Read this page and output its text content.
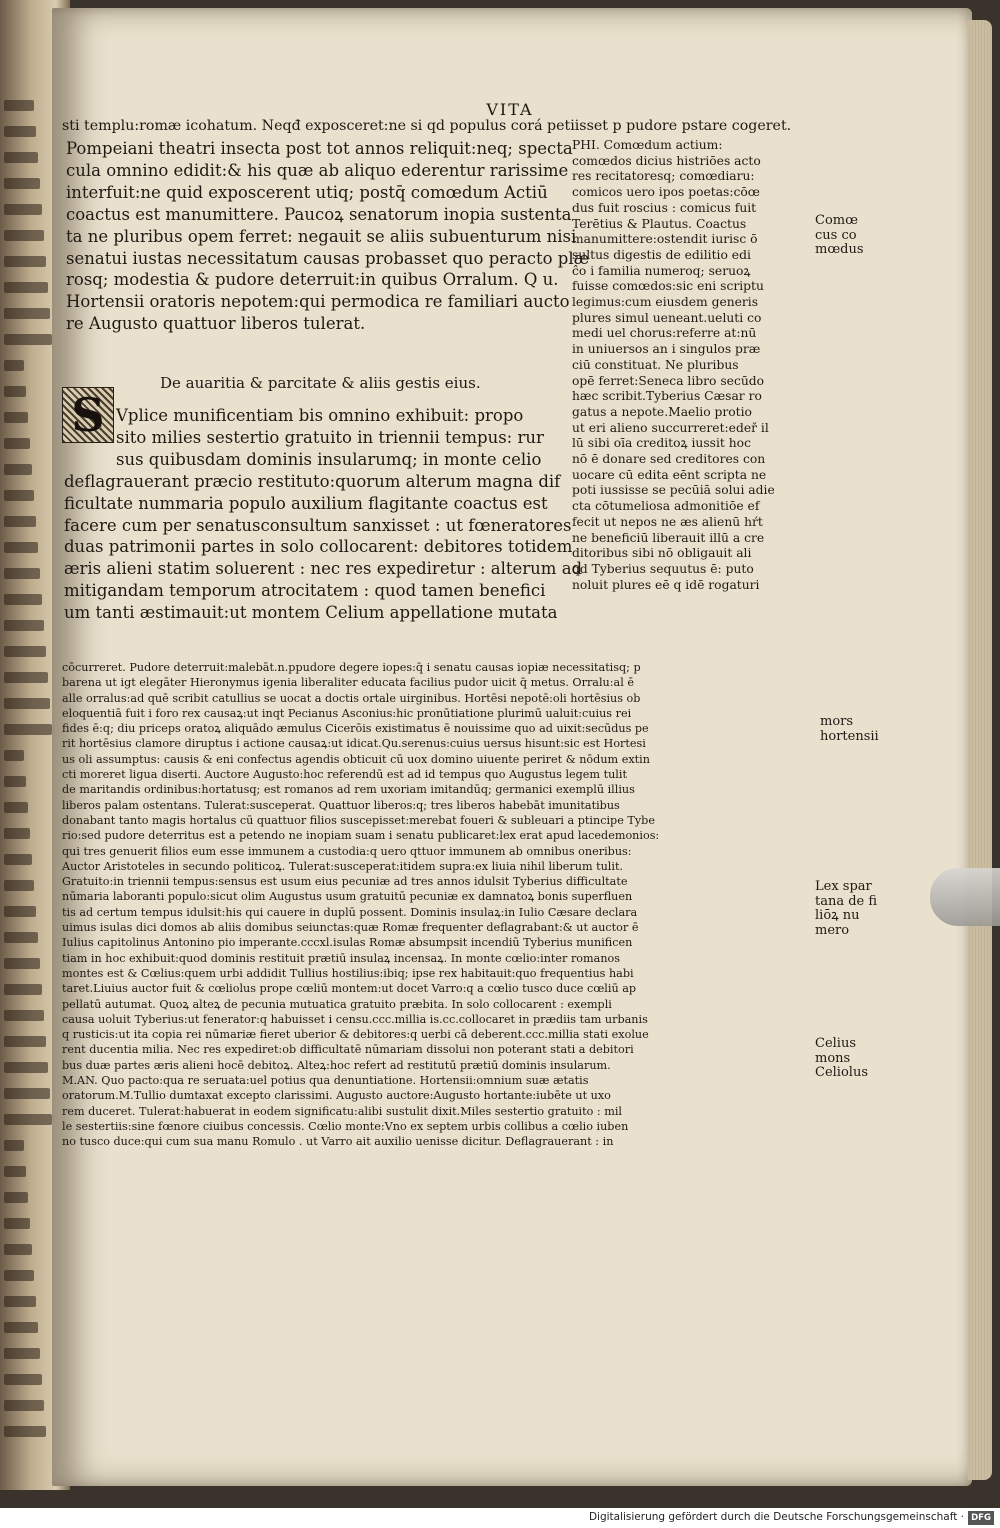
VITA
sti templu:romæ icohatum. Neqđ exposceret:ne si qd populus corá petiisset p pudore pstare cogeret.
Pompeiani theatri insecta post tot annos reliquit:neq; specta
cula omnino edidit:& his quæ ab aliquo ederentur rarissime
interfuit:ne quid exposcerent utiq; postq̄ comœdum Actiū
coactus est manumittere. Paucoꝝ senatorum inopia sustenta
ta ne pluribus opem ferret: negauit se aliis subuenturum nisi
senatui iustas necessitatum causas probasset quo peracto plæ
rosq; modestia & pudore deterruit:in quibus Orralum. Q u.
Hortensii oratoris nepotem:qui permodica re familiari aucto
re Augusto quattuor liberos tulerat.
De auaritia & parcitate & aliis gestis eius.
S Vplice munificentiam bis omnino exhibuit: propo
sito milies sestertio gratuito in triennii tempus: rur
sus quibusdam dominis insularumq; in monte celio
deflagrauerant præcio restituto:quorum alterum magna dif
ficultate nummaria populo auxilium flagitante coactus est
facere cum per senatusconsultum sanxisset : ut fœneratores
duas patrimonii partes in solo collocarent: debitores totidem
æris alieni statim soluerent : nec res expediretur : alterum ad
mitigandam temporum atrocitatem : quod tamen benefici
um tanti æstimauit:ut montem Celium appellatione mutata
PHI. Comœdum actium:
comœdos dicius histriōes acto
res recitatoresq; comœdiaru:
comicos uero ipos poetas:cōœ
dus fuit roscius : comicus fuit
Terētius & Plautus. Coactus
manumittere:ostendit iurisc ō
sultus digestis de edilitio edi
ĉo i familia numeroq; seruoꝝ
fuisse comœdos:sic eni scriptu
legimus:cum eiusdem generis
plures simul ueneant.ueluti co
medi uel chorus:referre at:nū
in uniuersos an i singulos præ
ciū constituat. Ne pluribus
opē ferret:Seneca libro secūdo
hæc scribit.Tyberius Cæsar ro
gatus a nepote.Maelio protio
ut eri alieno succurreret:edeř il
lū sibi oīa creditoꝝ iussit hoc
nō ē donare sed creditores con
uocare cū edita eēnt scripta ne
poti iussisse se pecūiā solui adie
cta cōtumeliosa admonitiōe ef
fecit ut nepos ne æs alienū hŕt
ne beneficiū liberauit illū a cre
ditoribus sibi nō obligauit ali
qd Tyberius sequutus ē: puto
noluit plures eē q idē rogaturi
cōcurreret. Pudore deterruit:malebāt.n.ppudore degere iopes:q̄ i senatu causas iopiæ necessitatisq; p
barena ut igt elegāter Hieronymus igenia liberaliter educata facilius pudor uicit q̄ metus. Orralu:al ē
alle orralus:ad quē scribit catullius se uocat a doctis ortale uirginibus. Hortēsi nepotē:oli hortēsius ob
eloquentiā fuit i foro rex causaꝝ:ut inqt Pecianus Asconius:hic pronūtiatione plurimū ualuit:cuius rei
fides ē:q; diu priceps oratoꝝ aliquādo æmulus Cicerōis existimatus ē nouissime quo ad uixit:secūdus pe
rit hortēsius clamore diruptus i actione causaꝝ:ut idicat.Qu.serenus:cuius uersus hisunt:sic est Hortesi
us oli assumptus: causis & eni confectus agendis obticuit cū uox domino uiuente periret & nōdum extin
cti moreret ligua diserti. Auctore Augusto:hoc referendū est ad id tempus quo Augustus legem tulit
de maritandis ordinibus:hortatusq; est romanos ad rem uxoriam imitandūq; germanici exemplū illius
liberos palam ostentans. Tulerat:susceperat. Quattuor liberos:q; tres liberos habebāt imunitatibus
donabant tanto magis hortalus cū quattuor filios suscepisset:merebat foueri & subleuari a ptincipe Tybe
rio:sed pudore deterritus est a petendo ne inopiam suam i senatu publicaret:lex erat apud lacedemonios:
qui tres genuerit filios eum esse immunem a custodia:q uero qttuor immunem ab omnibus oneribus:
Auctor Aristoteles in secundo politicoꝝ. Tulerat:susceperat:itidem supra:ex liuia nihil liberum tulit.
Gratuito:in triennii tempus:sensus est usum eius pecuniæ ad tres annos idulsit Tyberius difficultate
nūmaria laboranti populo:sicut olim Augustus usum gratuitū pecuniæ ex damnatoꝝ bonis superfluen
tis ad certum tempus idulsit:his qui cauere in duplū possent. Dominis insulaꝝ:in Iulio Cæsare declara
uimus isulas dici domos ab aliis domibus seiunctas:quæ Romæ frequenter deflagrabant:& ut auctor ē
Iulius capitolinus Antonino pio imperante.cccxl.isulas Romæ absumpsit incendiū Tyberius munificen
tiam in hoc exhibuit:quod dominis restituit prætiū insulaꝝ incensaꝝ. In monte cœlio:inter romanos
montes est & Cœlius:quem urbi addidit Tullius hostilius:ibiq; ipse rex habitauit:quo frequentius habi
taret.Liuius auctor fuit & cœliolus prope cœliū montem:ut docet Varro:q a cœlio tusco duce cœliū ap
pellatū autumat. Quoꝝ alteꝝ de pecunia mutuatica gratuito præbita. In solo collocarent : exempli
causa uoluit Tyberius:ut fenerator:q habuisset i censu.ccc.millia is.cc.collocaret in prædiis tam urbanis
q rusticis:ut ita copia rei nūmariæ fieret uberior & debitores:q uerbi cā deberent.ccc.millia stati exolue
rent ducentia milia. Nec res expediret:ob difficultatē nūmariam dissolui non poterant stati a debitori
bus duæ partes æris alieni hocē debitoꝝ. Alteꝝ:hoc refert ad restitutū prætiū dominis insularum.
M.AN. Quo pacto:qua re seruata:uel potius qua denuntiatione. Hortensii:omnium suæ ætatis
oratorum.M.Tullio dumtaxat excepto clarissimi. Augusto auctore:Augusto hortante:iubēte ut uxo
rem duceret. Tulerat:habuerat in eodem significatu:alibi sustulit dixit.Miles sestertio gratuito : mil
le sestertiis:sine fœnore ciuibus concessis. Cœlio monte:Vno ex septem urbis collibus a cœlio iuben
no tusco duce:qui cum sua manu Romulo . ut Varro ait auxilio uenisse dicitur. Deflagrauerant : in
Comœ
cus co
mœdus
mors
hortensii
Lex spar
tana de fi
liōꝝ nu
mero
Celius
mons
Celiolus
Digitalisierung gefördert durch die Deutsche Forschungsgemeinschaft · DFG
